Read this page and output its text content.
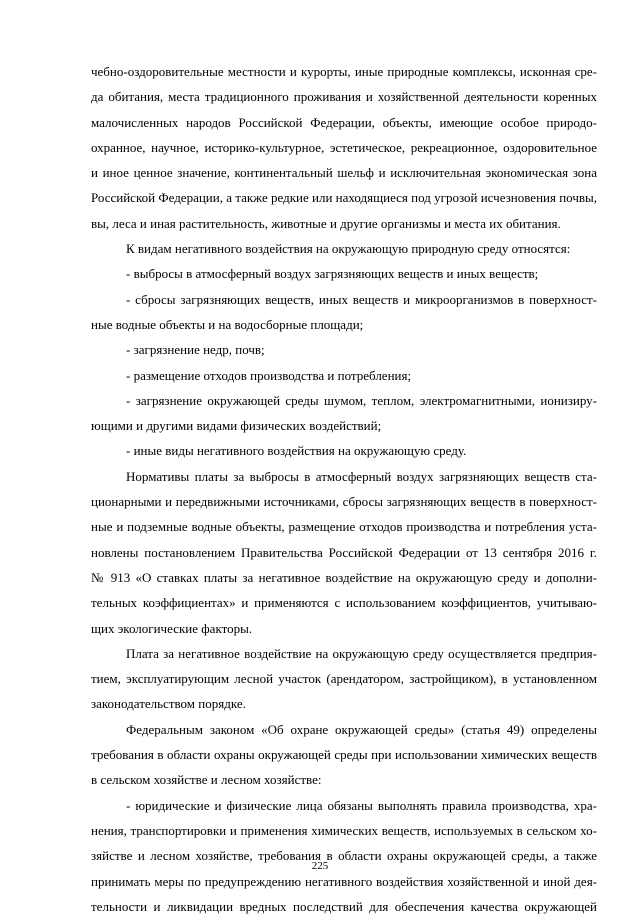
чебно-оздоровительные местности и курорты, иные природные комплексы, исконная сре-
да обитания, места традиционного проживания и хозяйственной деятельности коренных
малочисленных народов Российской Федерации, объекты, имеющие особое природо-
охранное, научное, историко-культурное, эстетическое, рекреационное, оздоровительное
и иное ценное значение, континентальный шельф и исключительная экономическая зона
Российской Федерации, а также редкие или находящиеся под угрозой исчезновения почвы,
вы, леса и иная растительность, животные и другие организмы и места их обитания.
К видам негативного воздействия на окружающую природную среду относятся:
- выбросы в атмосферный воздух загрязняющих веществ и иных веществ;
- сбросы загрязняющих веществ, иных веществ и микроорганизмов в поверхност-
ные водные объекты и на водосборные площади;
- загрязнение недр, почв;
- размещение отходов производства и потребления;
- загрязнение окружающей среды шумом, теплом, электромагнитными, ионизиру-
ющими и другими видами физических воздействий;
- иные виды негативного воздействия на окружающую среду.
Нормативы платы за выбросы в атмосферный воздух загрязняющих веществ ста-
ционарными и передвижными источниками, сбросы загрязняющих веществ в поверхност-
ные и подземные водные объекты, размещение отходов производства и потребления уста-
новлены постановлением Правительства Российской Федерации от 13 сентября 2016 г.
№ 913 «О ставках платы за негативное воздействие на окружающую среду и дополни-
тельных коэффициентах» и применяются с использованием коэффициентов, учитываю-
щих экологические факторы.
Плата за негативное воздействие на окружающую среду осуществляется предприя-
тием, эксплуатирующим лесной участок (арендатором, застройщиком), в установленном
законодательством порядке.
Федеральным законом «Об охране окружающей среды» (статья 49) определены
требования в области охраны окружающей среды при использовании химических веществ
в сельском хозяйстве и лесном хозяйстве:
- юридические и физические лица обязаны выполнять правила производства, хра-
нения, транспортировки и применения химических веществ, используемых в сельском хо-
зяйстве и лесном хозяйстве, требования в области охраны окружающей среды, а также
принимать меры по предупреждению негативного воздействия хозяйственной и иной дея-
тельности и ликвидации вредных последствий для обеспечения качества окружающей
225
